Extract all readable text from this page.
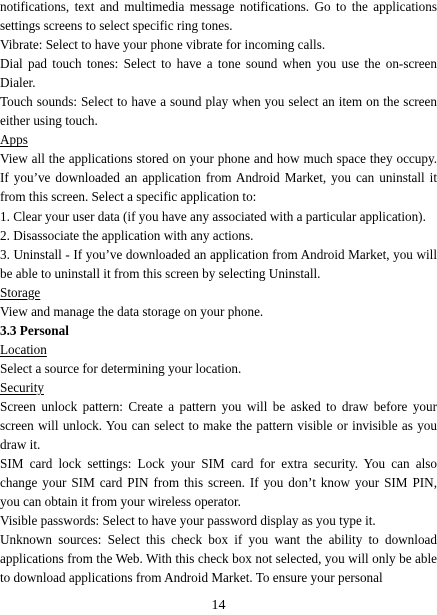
notifications, text and multimedia message notifications. Go to the applications settings screens to select specific ring tones.

Vibrate: Select to have your phone vibrate for incoming calls.

Dial pad touch tones: Select to have a tone sound when you use the on-screen Dialer.

Touch sounds: Select to have a sound play when you select an item on the screen either using touch.

Apps

View all the applications stored on your phone and how much space they occupy. If you’ve downloaded an application from Android Market, you can uninstall it from this screen. Select a specific application to:

1. Clear your user data (if you have any associated with a particular application).

2. Disassociate the application with any actions.

3. Uninstall - If you’ve downloaded an application from Android Market, you will be able to uninstall it from this screen by selecting Uninstall.

Storage

View and manage the data storage on your phone.

3.3 Personal

Location

Select a source for determining your location.

Security

Screen unlock pattern: Create a pattern you will be asked to draw before your screen will unlock. You can select to make the pattern visible or invisible as you draw it.

SIM card lock settings: Lock your SIM card for extra security. You can also change your SIM card PIN from this screen. If you don’t know your SIM PIN, you can obtain it from your wireless operator.

Visible passwords: Select to have your password display as you type it.

Unknown sources: Select this check box if you want the ability to download applications from the Web. With this check box not selected, you will only be able to download applications from Android Market. To ensure your personal

14
